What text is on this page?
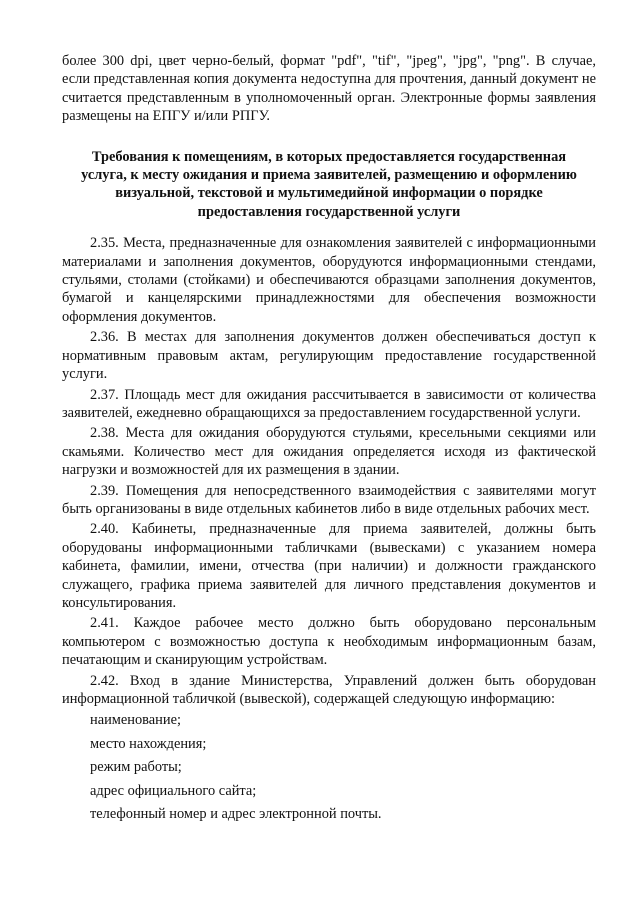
более 300 dpi, цвет черно-белый, формат "pdf", "tif", "jpeg", "jpg", "png". В случае, если представленная копия документа недоступна для прочтения, данный документ не считается представленным в уполномоченный орган. Электронные формы заявления размещены на ЕПГУ и/или РПГУ.

Требования к помещениям, в которых предоставляется государственная услуга, к месту ожидания и приема заявителей, размещению и оформлению визуальной, текстовой и мультимедийной информации о порядке предоставления государственной услуги

2.35. Места, предназначенные для ознакомления заявителей с информационными материалами и заполнения документов, оборудуются информационными стендами, стульями, столами (стойками) и обеспечиваются образцами заполнения документов, бумагой и канцелярскими принадлежностями для обеспечения возможности оформления документов.

2.36. В местах для заполнения документов должен обеспечиваться доступ к нормативным правовым актам, регулирующим предоставление государственной услуги.

2.37. Площадь мест для ожидания рассчитывается в зависимости от количества заявителей, ежедневно обращающихся за предоставлением государственной услуги.

2.38. Места для ожидания оборудуются стульями, кресельными секциями или скамьями. Количество мест для ожидания определяется исходя из фактической нагрузки и возможностей для их размещения в здании.

2.39. Помещения для непосредственного взаимодействия с заявителями могут быть организованы в виде отдельных кабинетов либо в виде отдельных рабочих мест.

2.40. Кабинеты, предназначенные для приема заявителей, должны быть оборудованы информационными табличками (вывесками) с указанием номера кабинета, фамилии, имени, отчества (при наличии) и должности гражданского служащего, графика приема заявителей для личного представления документов и консультирования.

2.41. Каждое рабочее место должно быть оборудовано персональным компьютером с возможностью доступа к необходимым информационным базам, печатающим и сканирующим устройствам.

2.42. Вход в здание Министерства, Управлений должен быть оборудован информационной табличкой (вывеской), содержащей следующую информацию:

наименование;
место нахождения;
режим работы;
адрес официального сайта;
телефонный номер и адрес электронной почты.
